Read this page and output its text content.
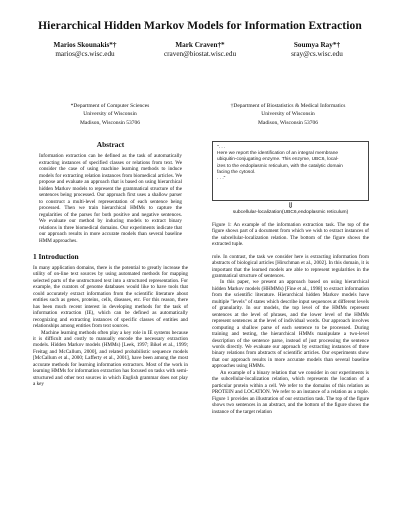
Hierarchical Hidden Markov Models for Information Extraction
Marios Skounakis*†
marios@cs.wisc.edu
Mark Craven†*
craven@biostat.wisc.edu
Soumya Ray*†
sray@cs.wisc.edu
*Department of Computer Sciences
University of Wisconsin
Madison, Wisconsin 53706
†Department of Biostatistics & Medical Informatics
University of Wisconsin
Madison, Wisconsin 53706
Abstract

Information extraction can be defined as the task of automatically extracting instances of specified classes or relations from text. We consider the case of using machine learning methods to induce models for extracting relation instances from biomedical articles. We propose and evaluate an approach that is based on using hierarchical hidden Markov models to represent the grammatical structure of the sentences being processed. Our approach first uses a shallow parser to construct a multi-level representation of each sentence being processed. Then we train hierarchical HMMs to capture the regularities of the parses for both positive and negative sentences. We evaluate our method by inducing models to extract binary relations in three biomedical domains. Our experiments indicate that our approach results in more accurate models than several baseline HMM approaches.

1 Introduction

In many application domains, there is the potential to greatly increase the utility of on-line text sources by using automated methods for mapping selected parts of the unstructured text into a structured representation. For example, the curators of genome databases would like to have tools that could accurately extract information from the scientific literature about entities such as genes, proteins, cells, diseases, etc. For this reason, there has been much recent interest in developing methods for the task of information extraction (IE), which can be defined as automatically recognizing and extracting instances of specific classes of entities and relationships among entities from text sources.

Machine learning methods often play a key role in IE systems because it is difficult and costly to manually encode the necessary extraction models. Hidden Markov models (HMMs) [Leek, 1997; Bikel et al., 1999; Freitag and McCallum, 2000], and related probabilistic sequence models [McCallum et al., 2000; Lafferty et al., 2001], have been among the most accurate methods for learning information extractors. Most of the work in learning HMMs for information extraction has focused on tasks with semi-structured and other text sources in which English grammar does not play a key

". . .
Here we report the identification of an integral membrane
ubiquitin-conjugating enzyme. This enzyme, UBC6, local-
izes to the endoplasmic reticulum, with the catalytic domain
facing the cytosol.
. . ."
⇓
subcellular-localization(UBC6,endoplasmic reticulum)
Figure 1: An example of the information extraction task. The top of the figure shows part of a document from which we wish to extract instances of the subcellular-localization relation. The bottom of the figure shows the extracted tuple.

role. In contrast, the task we consider here is extracting information from abstracts of biological articles [Hirschman et al., 2002]. In this domain, it is important that the learned models are able to represent regularities in the grammatical structure of sentences.

In this paper, we present an approach based on using hierarchical hidden Markov models (HHMMs) [Fine et al., 1998] to extract information from the scientific literature. Hierarchical hidden Markov models have multiple "levels" of states which describe input sequences at different levels of granularity. In our models, the top level of the HMMs represent sentences at the level of phrases, and the lower level of the HMMs represent sentences at the level of individual words. Our approach involves computing a shallow parse of each sentence to be processed. During training and testing, the hierarchical HMMs manipulate a two-level description of the sentence parse, instead of just processing the sentence words directly. We evaluate our approach by extracting instances of three binary relations from abstracts of scientific articles. Our experiments show that our approach results in more accurate models than several baseline approaches using HMMs.

An example of a binary relation that we consider in our experiments is the subcellular-localization relation, which represents the location of a particular protein within a cell. We refer to the domains of this relation as PROTEIN and LOCATION. We refer to an instance of a relation as a tuple. Figure 1 provides an illustration of our extraction task. The top of the figure shows two sentences in an abstract, and the bottom of the figure shows the instance of the target relation
